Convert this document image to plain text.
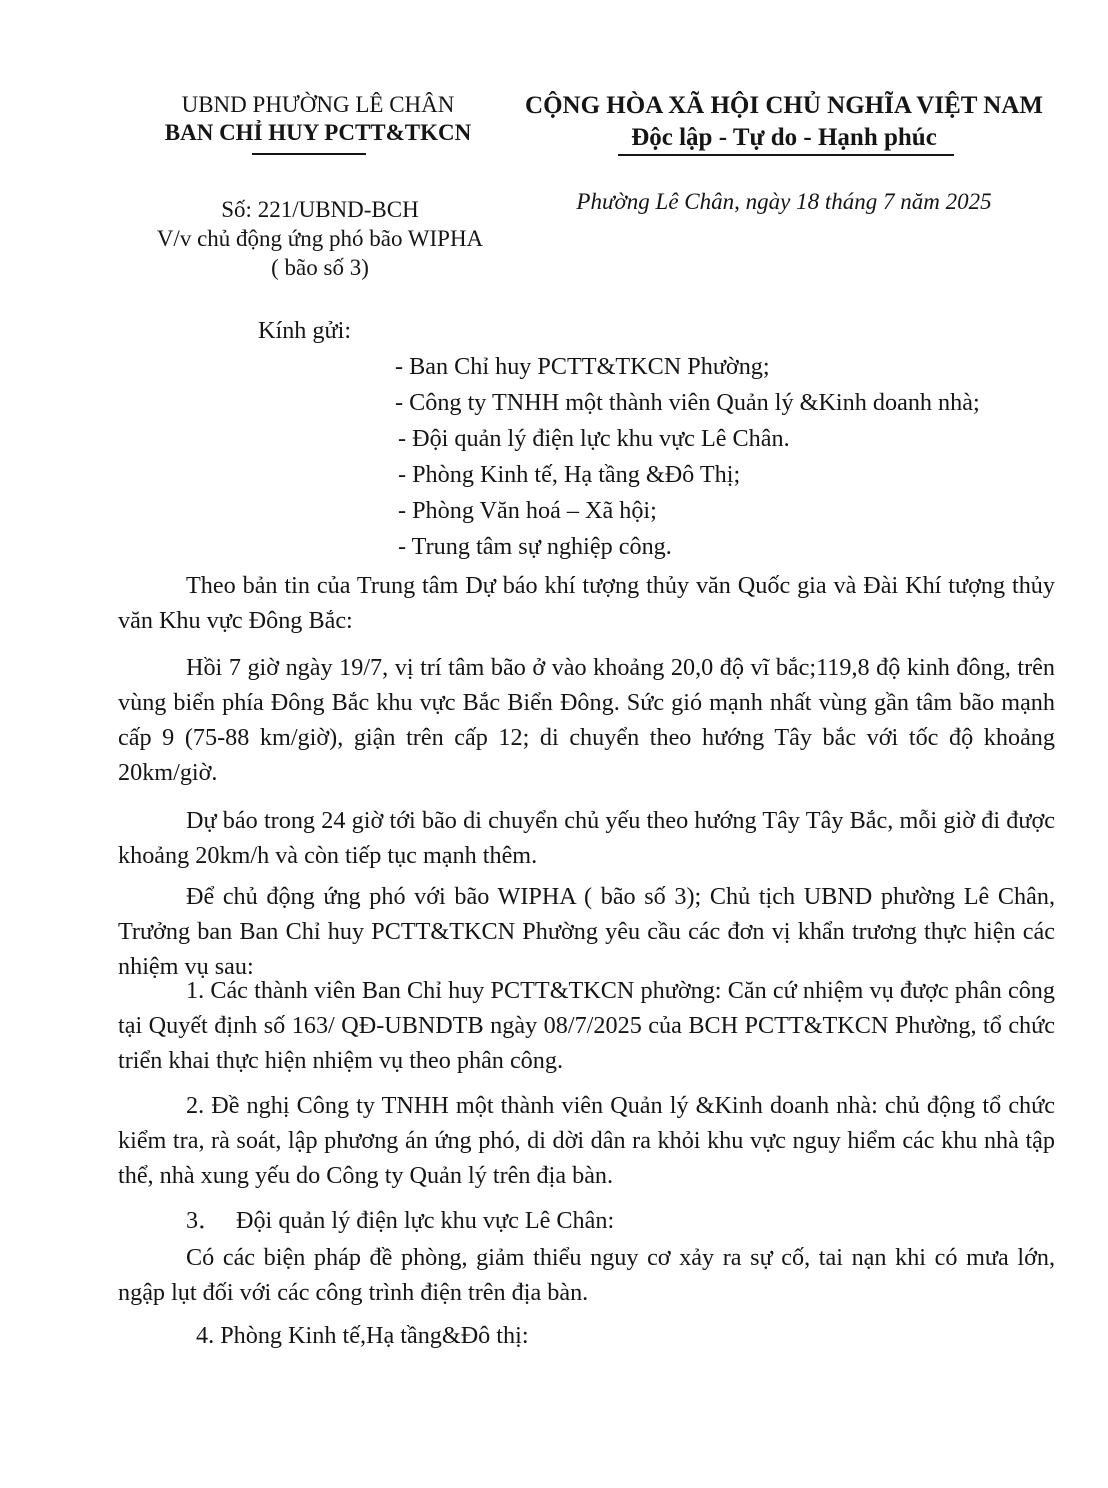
UBND PHƯỜNG LÊ CHÂN
BAN CHỈ HUY PCTT&TKCN
CỘNG HÒA XÃ HỘI CHỦ NGHĨA VIỆT NAM
Độc lập - Tự do - Hạnh phúc
Số: 221/UBND-BCH
V/v chủ động ứng phó bão WIPHA
( bão số 3)
Phường Lê Chân, ngày 18 tháng 7 năm 2025
Kính gửi:
- Ban Chỉ huy PCTT&TKCN Phường;
- Công ty TNHH một thành viên Quản lý &Kinh doanh nhà;
- Đội quản lý điện lực khu vực Lê Chân.
- Phòng Kinh tế, Hạ tầng &Đô Thị;
- Phòng Văn hoá – Xã hội;
- Trung tâm sự nghiệp công.
Theo bản tin của Trung tâm Dự báo khí tượng thủy văn Quốc gia và Đài Khí tượng thủy văn Khu vực Đông Bắc:
Hồi 7 giờ ngày 19/7, vị trí tâm bão ở vào khoảng 20,0 độ vĩ bắc;119,8 độ kinh đông, trên vùng biển phía Đông Bắc khu vực Bắc Biển Đông. Sức gió mạnh nhất vùng gần tâm bão mạnh cấp 9 (75-88 km/giờ), giận trên cấp 12; di chuyển theo hướng Tây bắc với tốc độ khoảng 20km/giờ.
Dự báo trong 24 giờ tới bão di chuyển chủ yếu theo hướng Tây Tây Bắc, mỗi giờ đi được khoảng 20km/h và còn tiếp tục mạnh thêm.
Để chủ động ứng phó với bão WIPHA ( bão số 3); Chủ tịch UBND phường Lê Chân, Trưởng ban Ban Chỉ huy PCTT&TKCN Phường yêu cầu các đơn vị khẩn trương thực hiện các nhiệm vụ sau:
1. Các thành viên Ban Chỉ huy PCTT&TKCN phường: Căn cứ nhiệm vụ được phân công tại Quyết định số 163/ QĐ-UBNDTB ngày 08/7/2025 của BCH PCTT&TKCN Phường, tổ chức triển khai thực hiện nhiệm vụ theo phân công.
2. Đề nghị Công ty TNHH một thành viên Quản lý &Kinh doanh nhà: chủ động tổ chức kiểm tra, rà soát, lập phương án ứng phó, di dời dân ra khỏi khu vực nguy hiểm các khu nhà tập thể, nhà xung yếu do Công ty Quản lý trên địa bàn.
3． Đội quản lý điện lực khu vực Lê Chân:
Có các biện pháp đề phòng, giảm thiểu nguy cơ xảy ra sự cố, tai nạn khi có mưa lớn, ngập lụt đối với các công trình điện trên địa bàn.
4. Phòng Kinh tế,Hạ tầng&Đô thị:
